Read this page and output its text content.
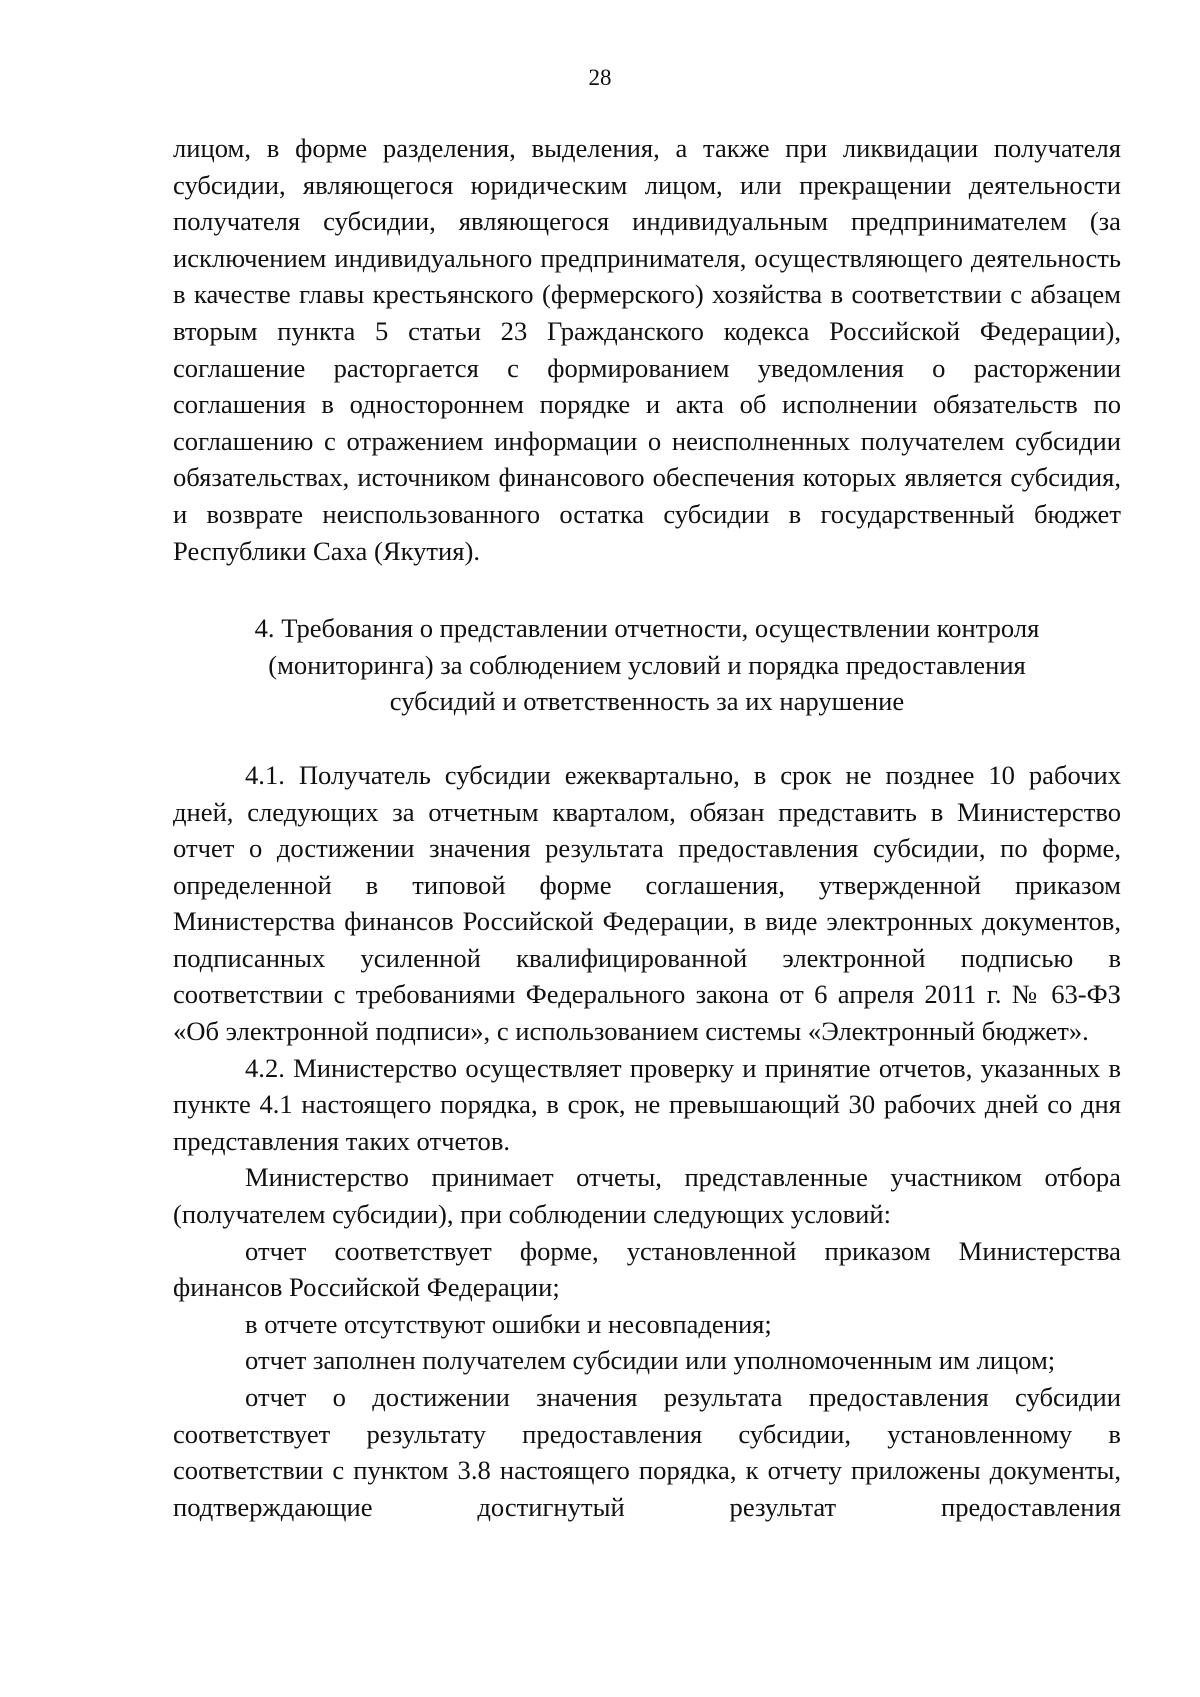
28

лицом, в форме разделения, выделения, а также при ликвидации получателя субсидии, являющегося юридическим лицом, или прекращении деятельности получателя субсидии, являющегося индивидуальным предпринимателем (за исключением индивидуального предпринимателя, осуществляющего деятельность в качестве главы крестьянского (фермерского) хозяйства в соответствии с абзацем вторым пункта 5 статьи 23 Гражданского кодекса Российской Федерации), соглашение расторгается с формированием уведомления о расторжении соглашения в одностороннем порядке и акта об исполнении обязательств по соглашению с отражением информации о неисполненных получателем субсидии обязательствах, источником финансового обеспечения которых является субсидия, и возврате неиспользованного остатка субсидии в государственный бюджет Республики Саха (Якутия).

4. Требования о представлении отчетности, осуществлении контроля (мониторинга) за соблюдением условий и порядка предоставления субсидий и ответственность за их нарушение

4.1. Получатель субсидии ежеквартально, в срок не позднее 10 рабочих дней, следующих за отчетным кварталом, обязан представить в Министерство отчет о достижении значения результата предоставления субсидии, по форме, определенной в типовой форме соглашения, утвержденной приказом Министерства финансов Российской Федерации, в виде электронных документов, подписанных усиленной квалифицированной электронной подписью в соответствии с требованиями Федерального закона от 6 апреля 2011 г. № 63-ФЗ «Об электронной подписи», с использованием системы «Электронный бюджет».

4.2. Министерство осуществляет проверку и принятие отчетов, указанных в пункте 4.1 настоящего порядка, в срок, не превышающий 30 рабочих дней со дня представления таких отчетов.

Министерство принимает отчеты, представленные участником отбора (получателем субсидии), при соблюдении следующих условий:

отчет соответствует форме, установленной приказом Министерства финансов Российской Федерации;

в отчете отсутствуют ошибки и несовпадения;

отчет заполнен получателем субсидии или уполномоченным им лицом;

отчет о достижении значения результата предоставления субсидии соответствует результату предоставления субсидии, установленному в соответствии с пунктом 3.8 настоящего порядка, к отчету приложены документы, подтверждающие достигнутый результат предоставления
